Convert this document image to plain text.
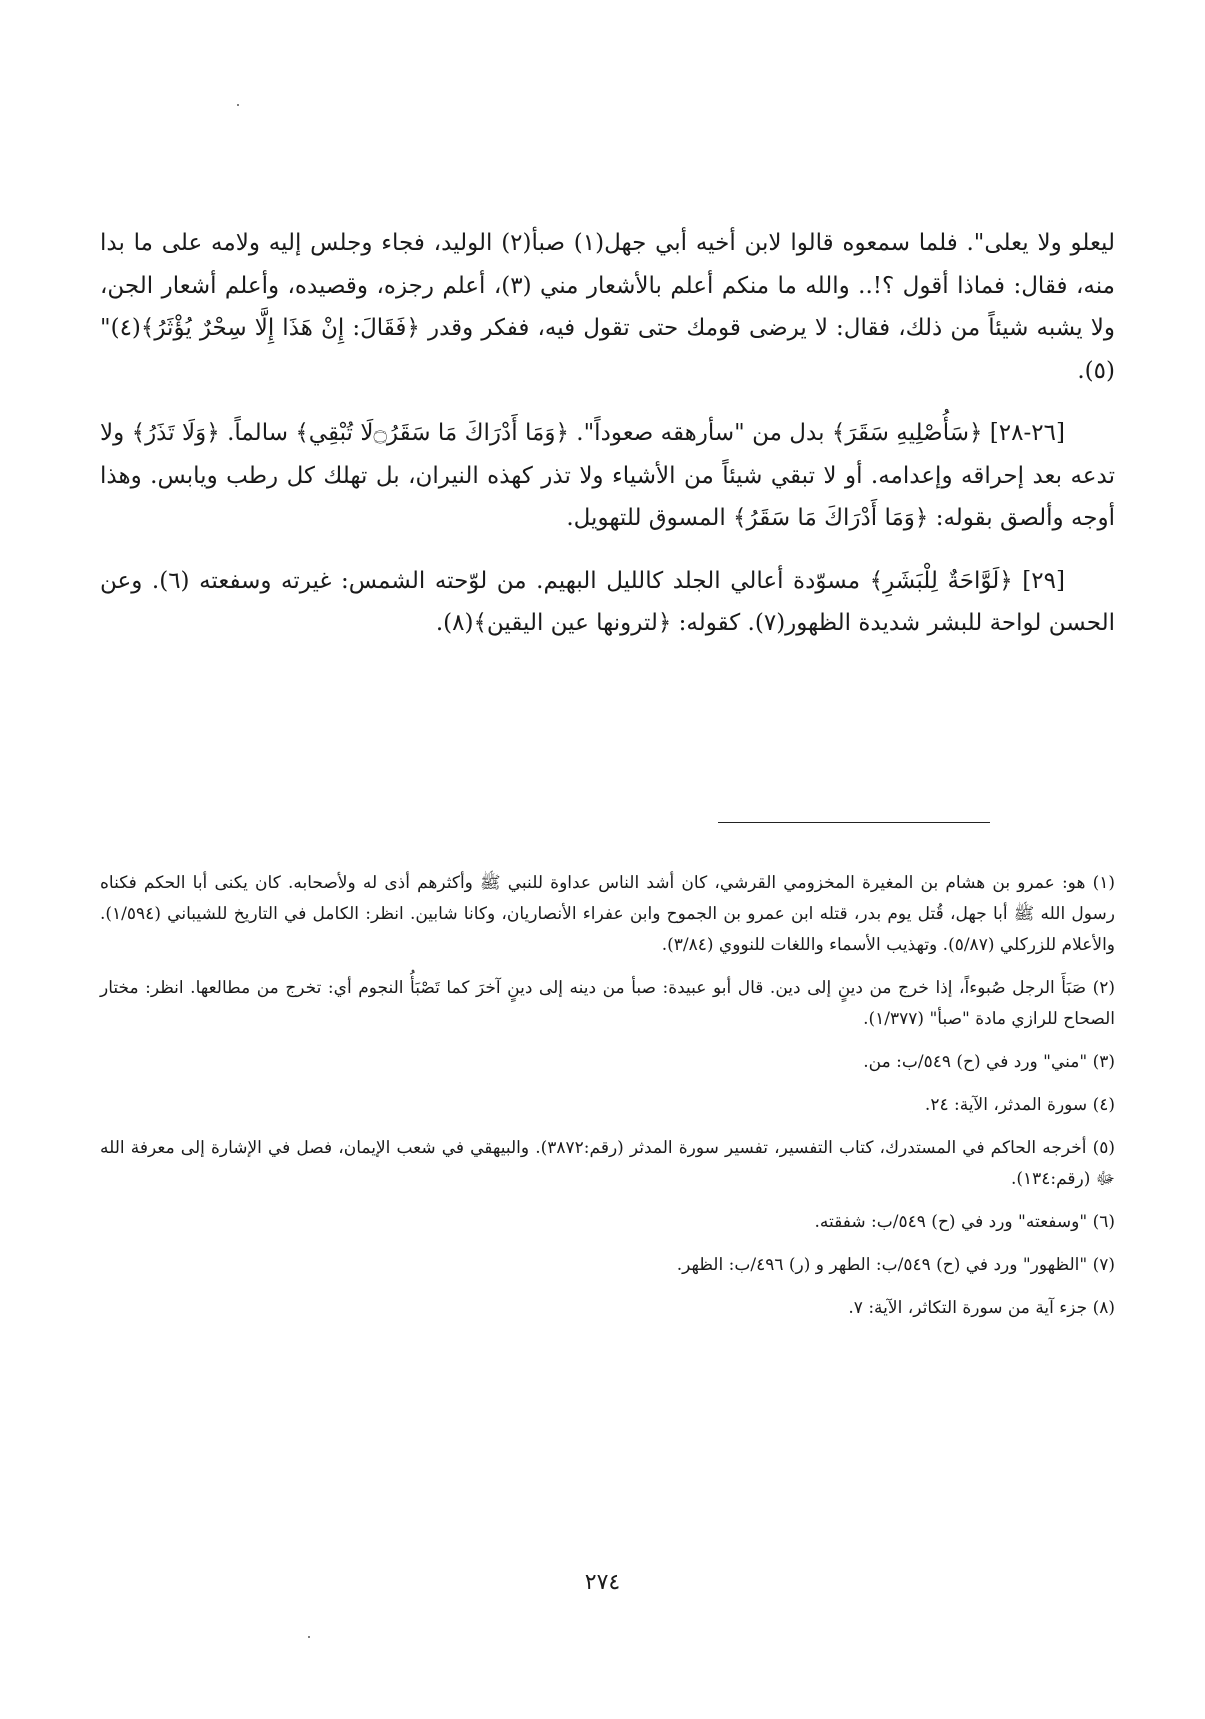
ليعلو ولا يعلى". فلما سمعوه قالوا لابن أخيه أبي جهل(١) صبأ(٢) الوليد، فجاء وجلس إليه ولامه على ما بدا منه، فقال: فماذا أقول ؟!.. والله ما منكم أعلم بالأشعار مني (٣)، أعلم رجزه، وقصيده، وأعلم أشعار الجن، ولا يشبه شيئاً من ذلك، فقال: لا يرضى قومك حتى تقول فيه، ففكر وقدر ﴿فَقَالَ: إِنْ هَذَا إِلَّا سِحْرٌ يُؤْثَرُ﴾(٤)"(٥).

[٢٦-٢٨] ﴿سَأُصْلِيهِ سَقَرَ﴾ بدل من "سأرهقه صعوداً". ﴿وَمَا أَدْرَاكَ مَا سَقَرُ۝لَا تُبْقِي﴾ سالماً. ﴿وَلَا تَذَرُ﴾ ولا تدعه بعد إحراقه وإعدامه. أو لا تبقي شيئاً من الأشياء ولا تذر كهذه النيران، بل تهلك كل رطب ويابس. وهذا أوجه وألصق بقوله: ﴿وَمَا أَدْرَاكَ مَا سَقَرُ﴾ المسوق للتهويل.

[٢٩] ﴿لَوَّاحَةٌ لِلْبَشَرِ﴾ مسوّدة أعالي الجلد كالليل البهيم. من لوّحته الشمس: غيرته وسفعته (٦). وعن الحسن لواحة للبشر شديدة الظهور(٧). كقوله: ﴿لترونها عين اليقين﴾(٨).

(١) هو: عمرو بن هشام بن المغيرة المخزومي القرشي، كان أشد الناس عداوة للنبي ﷺ وأكثرهم أذى له ولأصحابه. كان يكنى أبا الحكم فكناه رسول الله ﷺ أبا جهل، قُتل يوم بدر، قتله ابن عمرو بن الجموح وابن عفراء الأنصاريان، وكانا شابين. انظر: الكامل في التاريخ للشيباني (١/٥٩٤). والأعلام للزركلي (٥/٨٧). وتهذيب الأسماء واللغات للنووي (٣/٨٤).

(٢) صَبَأَ الرجل صُبوءاً، إذا خرج من دينٍ إلى دين. قال أبو عبيدة: صبأ من دينه إلى دينٍ آخرَ كما تَصْبَأُ النجوم أي: تخرج من مطالعها. انظر: مختار الصحاح للرازي مادة "صبأ" (١/٣٧٧).

(٣) "مني" ورد في (ح) ٥٤٩/ب: من.

(٤) سورة المدثر، الآية: ٢٤.

(٥) أخرجه الحاكم في المستدرك، كتاب التفسير، تفسير سورة المدثر (رقم:٣٨٧٢). والبيهقي في شعب الإيمان، فصل في الإشارة إلى معرفة الله ﷻ (رقم:١٣٤).

(٦) "وسفعته" ورد في (ح) ٥٤٩/ب: شفقته.

(٧) "الظهور" ورد في (ح) ٥٤٩/ب: الطهر و (ر) ٤٩٦/ب: الظهر.

(٨) جزء آية من سورة التكاثر، الآية: ٧.

٢٧٤
